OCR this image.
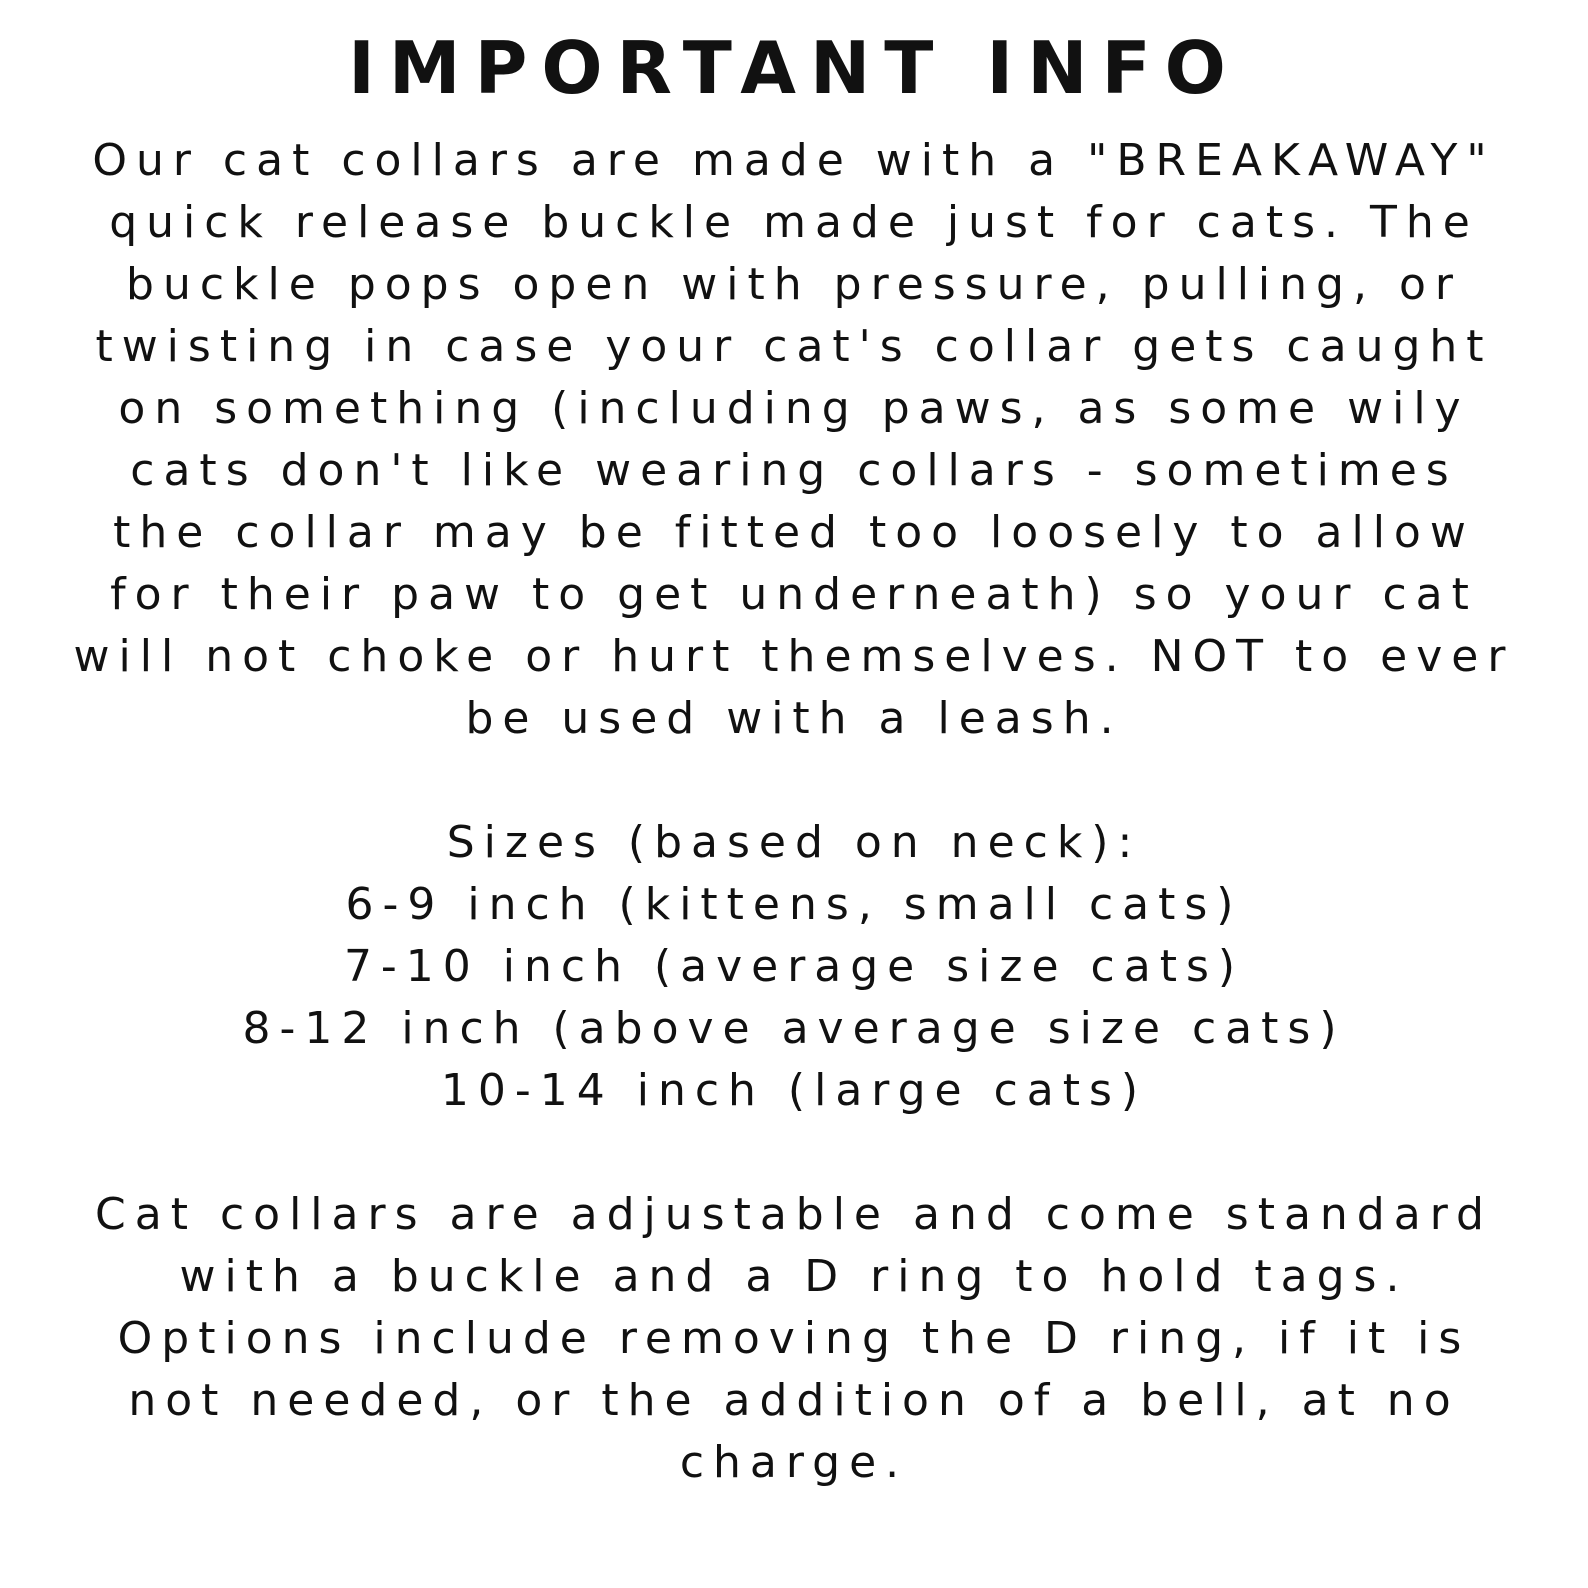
IMPORTANT INFO
Our cat collars are made with a "BREAKAWAY"
quick release buckle made just for cats. The
buckle pops open with pressure, pulling, or
twisting in case your cat's collar gets caught
on something (including paws, as some wily
cats don't like wearing collars - sometimes
the collar may be fitted too loosely to allow
for their paw to get underneath) so your cat
will not choke or hurt themselves. NOT to ever
be used with a leash.
Sizes (based on neck):
6-9 inch (kittens, small cats)
7-10 inch (average size cats)
8-12 inch (above average size cats)
10-14 inch (large cats)
Cat collars are adjustable and come standard
with a buckle and a D ring to hold tags.
Options include removing the D ring, if it is
not needed, or the addition of a bell, at no
charge.
